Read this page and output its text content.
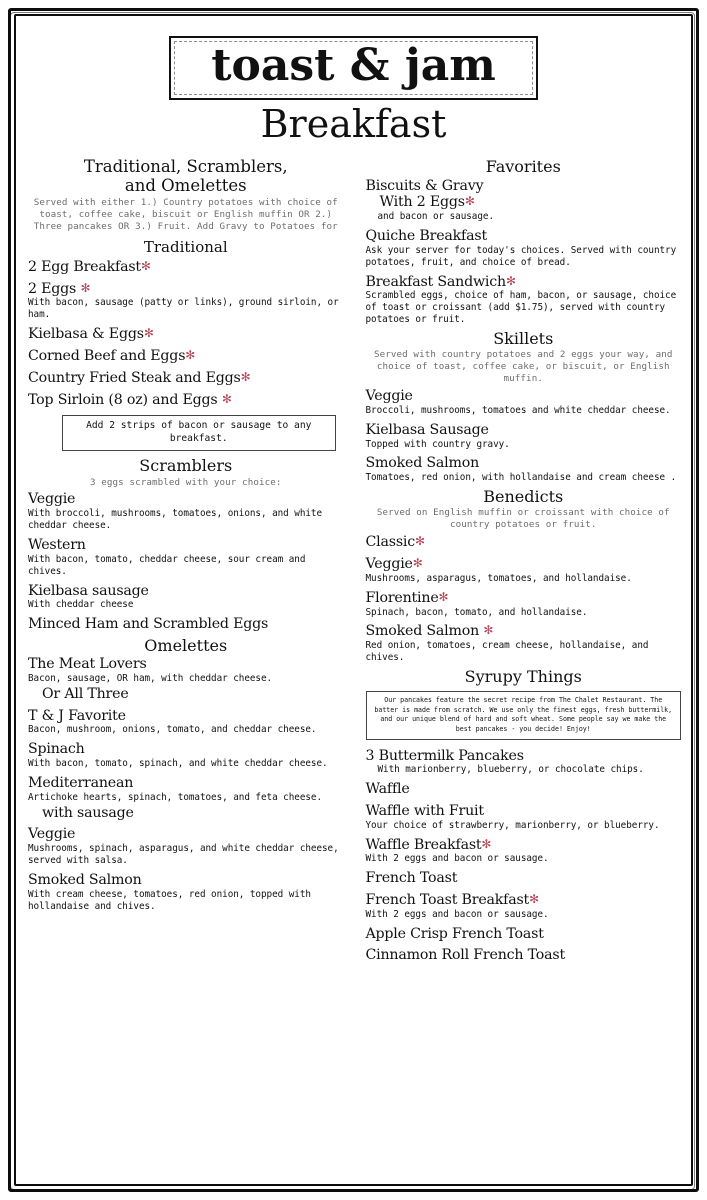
toast & jam
Breakfast
Traditional, Scramblers,
and Omelettes
Served with either 1.) Country potatoes with choice of toast, coffee cake, biscuit or English muffin OR 2.) Three pancakes OR 3.) Fruit. Add Gravy to Potatoes for
Traditional
2 Egg Breakfast✻
2 Eggs ✻
With bacon, sausage (patty or links), ground sirloin, or ham.
Kielbasa & Eggs✻
Corned Beef and Eggs✻
Country Fried Steak and Eggs✻
Top Sirloin (8 oz) and Eggs ✻
Add 2 strips of bacon or sausage to any breakfast.
Scramblers
3 eggs scrambled with your choice:
Veggie
With broccoli, mushrooms, tomatoes, onions, and white cheddar cheese.
Western
With bacon, tomato, cheddar cheese, sour cream and chives.
Kielbasa sausage
With cheddar cheese
Minced Ham and Scrambled Eggs
Omelettes
The Meat Lovers
Bacon, sausage, OR ham, with cheddar cheese.
Or All Three
T & J Favorite
Bacon, mushroom, onions, tomato, and cheddar cheese.
Spinach
With bacon, tomato, spinach, and white cheddar cheese.
Mediterranean
Artichoke hearts, spinach, tomatoes, and feta cheese.
with sausage
Veggie
Mushrooms, spinach, asparagus, and white cheddar cheese, served with salsa.
Smoked Salmon
With cream cheese, tomatoes, red onion, topped with hollandaise and chives.
Favorites
Biscuits & Gravy
With 2 Eggs✻
and bacon or sausage.
Quiche Breakfast
Ask your server for today's choices. Served with country potatoes, fruit, and choice of bread.
Breakfast Sandwich✻
Scrambled eggs, choice of ham, bacon, or sausage, choice of toast or croissant (add $1.75), served with country potatoes or fruit.
Skillets
Served with country potatoes and 2 eggs your way, and choice of toast, coffee cake, or biscuit, or English muffin.
Veggie
Broccoli, mushrooms, tomatoes and white cheddar cheese.
Kielbasa Sausage
Topped with country gravy.
Smoked Salmon
Tomatoes, red onion, with hollandaise and cream cheese .
Benedicts
Served on English muffin or croissant with choice of country potatoes or fruit.
Classic✻
Veggie✻
Mushrooms, asparagus, tomatoes, and hollandaise.
Florentine✻
Spinach, bacon, tomato, and hollandaise.
Smoked Salmon ✻
Red onion, tomatoes, cream cheese, hollandaise, and chives.
Syrupy Things
Our pancakes feature the secret recipe from The Chalet Restaurant. The batter is made from scratch. We use only the finest eggs, fresh buttermilk, and our unique blend of hard and soft wheat. Some people say we make the best pancakes - you decide! Enjoy!
3 Buttermilk Pancakes
With marionberry, blueberry, or chocolate chips.
Waffle
Waffle with Fruit
Your choice of strawberry, marionberry, or blueberry.
Waffle Breakfast✻
With 2 eggs and bacon or sausage.
French Toast
French Toast Breakfast✻
With 2 eggs and bacon or sausage.
Apple Crisp French Toast
Cinnamon Roll French Toast
